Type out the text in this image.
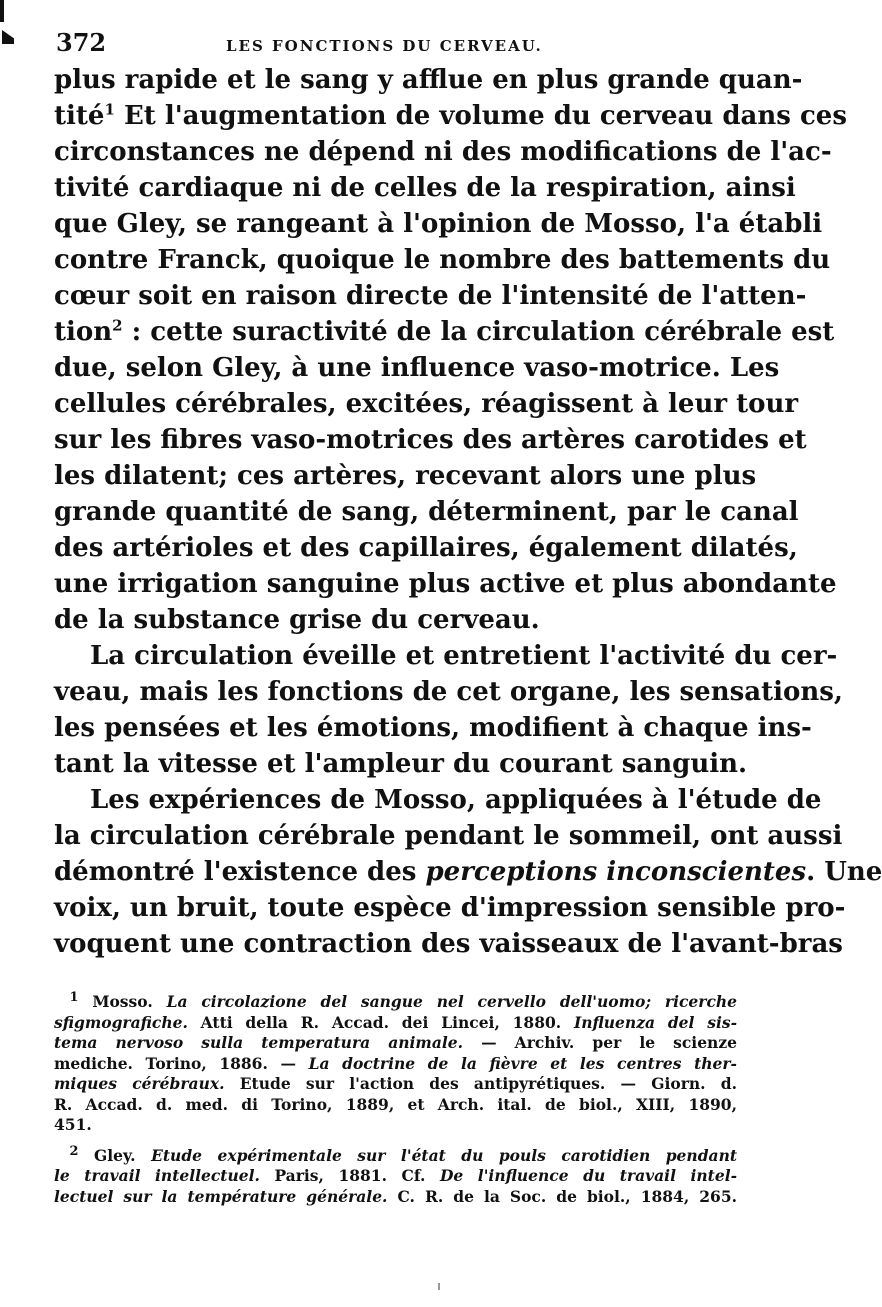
372	LES FONCTIONS DU CERVEAU.
plus rapide et le sang y afflue en plus grande quan-
tité$^1$ Et l'augmentation de volume du cerveau dans ces
circonstances ne dépend ni des modifications de l'ac-
tivité cardiaque ni de celles de la respiration, ainsi
que Gley, se rangeant à l'opinion de Mosso, l'a établi
contre Franck, quoique le nombre des battements du
cœur soit en raison directe de l'intensité de l'atten-
tion$^2$ : cette suractivité de la circulation cérébrale est
due, selon Gley, à une influence vaso-motrice. Les
cellules cérébrales, excitées, réagissent à leur tour
sur les fibres vaso-motrices des artères carotides et
les dilatent; ces artères, recevant alors une plus
grande quantité de sang, déterminent, par le canal
des artérioles et des capillaires, également dilatés,
une irrigation sanguine plus active et plus abondante
de la substance grise du cerveau.
La circulation éveille et entretient l'activité du cer-
veau, mais les fonctions de cet organe, les sensations,
les pensées et les émotions, modifient à chaque ins-
tant la vitesse et l'ampleur du courant sanguin.
Les expériences de Mosso, appliquées à l'étude de
la circulation cérébrale pendant le sommeil, ont aussi
démontré l'existence des perceptions inconscientes. Une
voix, un bruit, toute espèce d'impression sensible pro-
voquent une contraction des vaisseaux de l'avant-bras
 $^1$ Mosso. La circolazione del sangue nel cervello dell'uomo; ricerche
sfigmografiche. Atti della R. Accad. dei Lincei, 1880. Influenza del sis-
tema nervoso sulla temperatura animale. — Archiv. per le scienze
mediche. Torino, 1886. — La doctrine de la fièvre et les centres ther-
miques cérébraux. Etude sur l'action des antipyrétiques. — Giorn. d.
R. Accad. d. med. di Torino, 1889, et Arch. ital. de biol., XIII, 1890,
451.
 $^2$ Gley. Etude expérimentale sur l'état du pouls carotidien pendant
le travail intellectuel. Paris, 1881. Cf. De l'influence du travail intel-
lectuel sur la température générale. C. R. de la Soc. de biol., 1884, 265.
